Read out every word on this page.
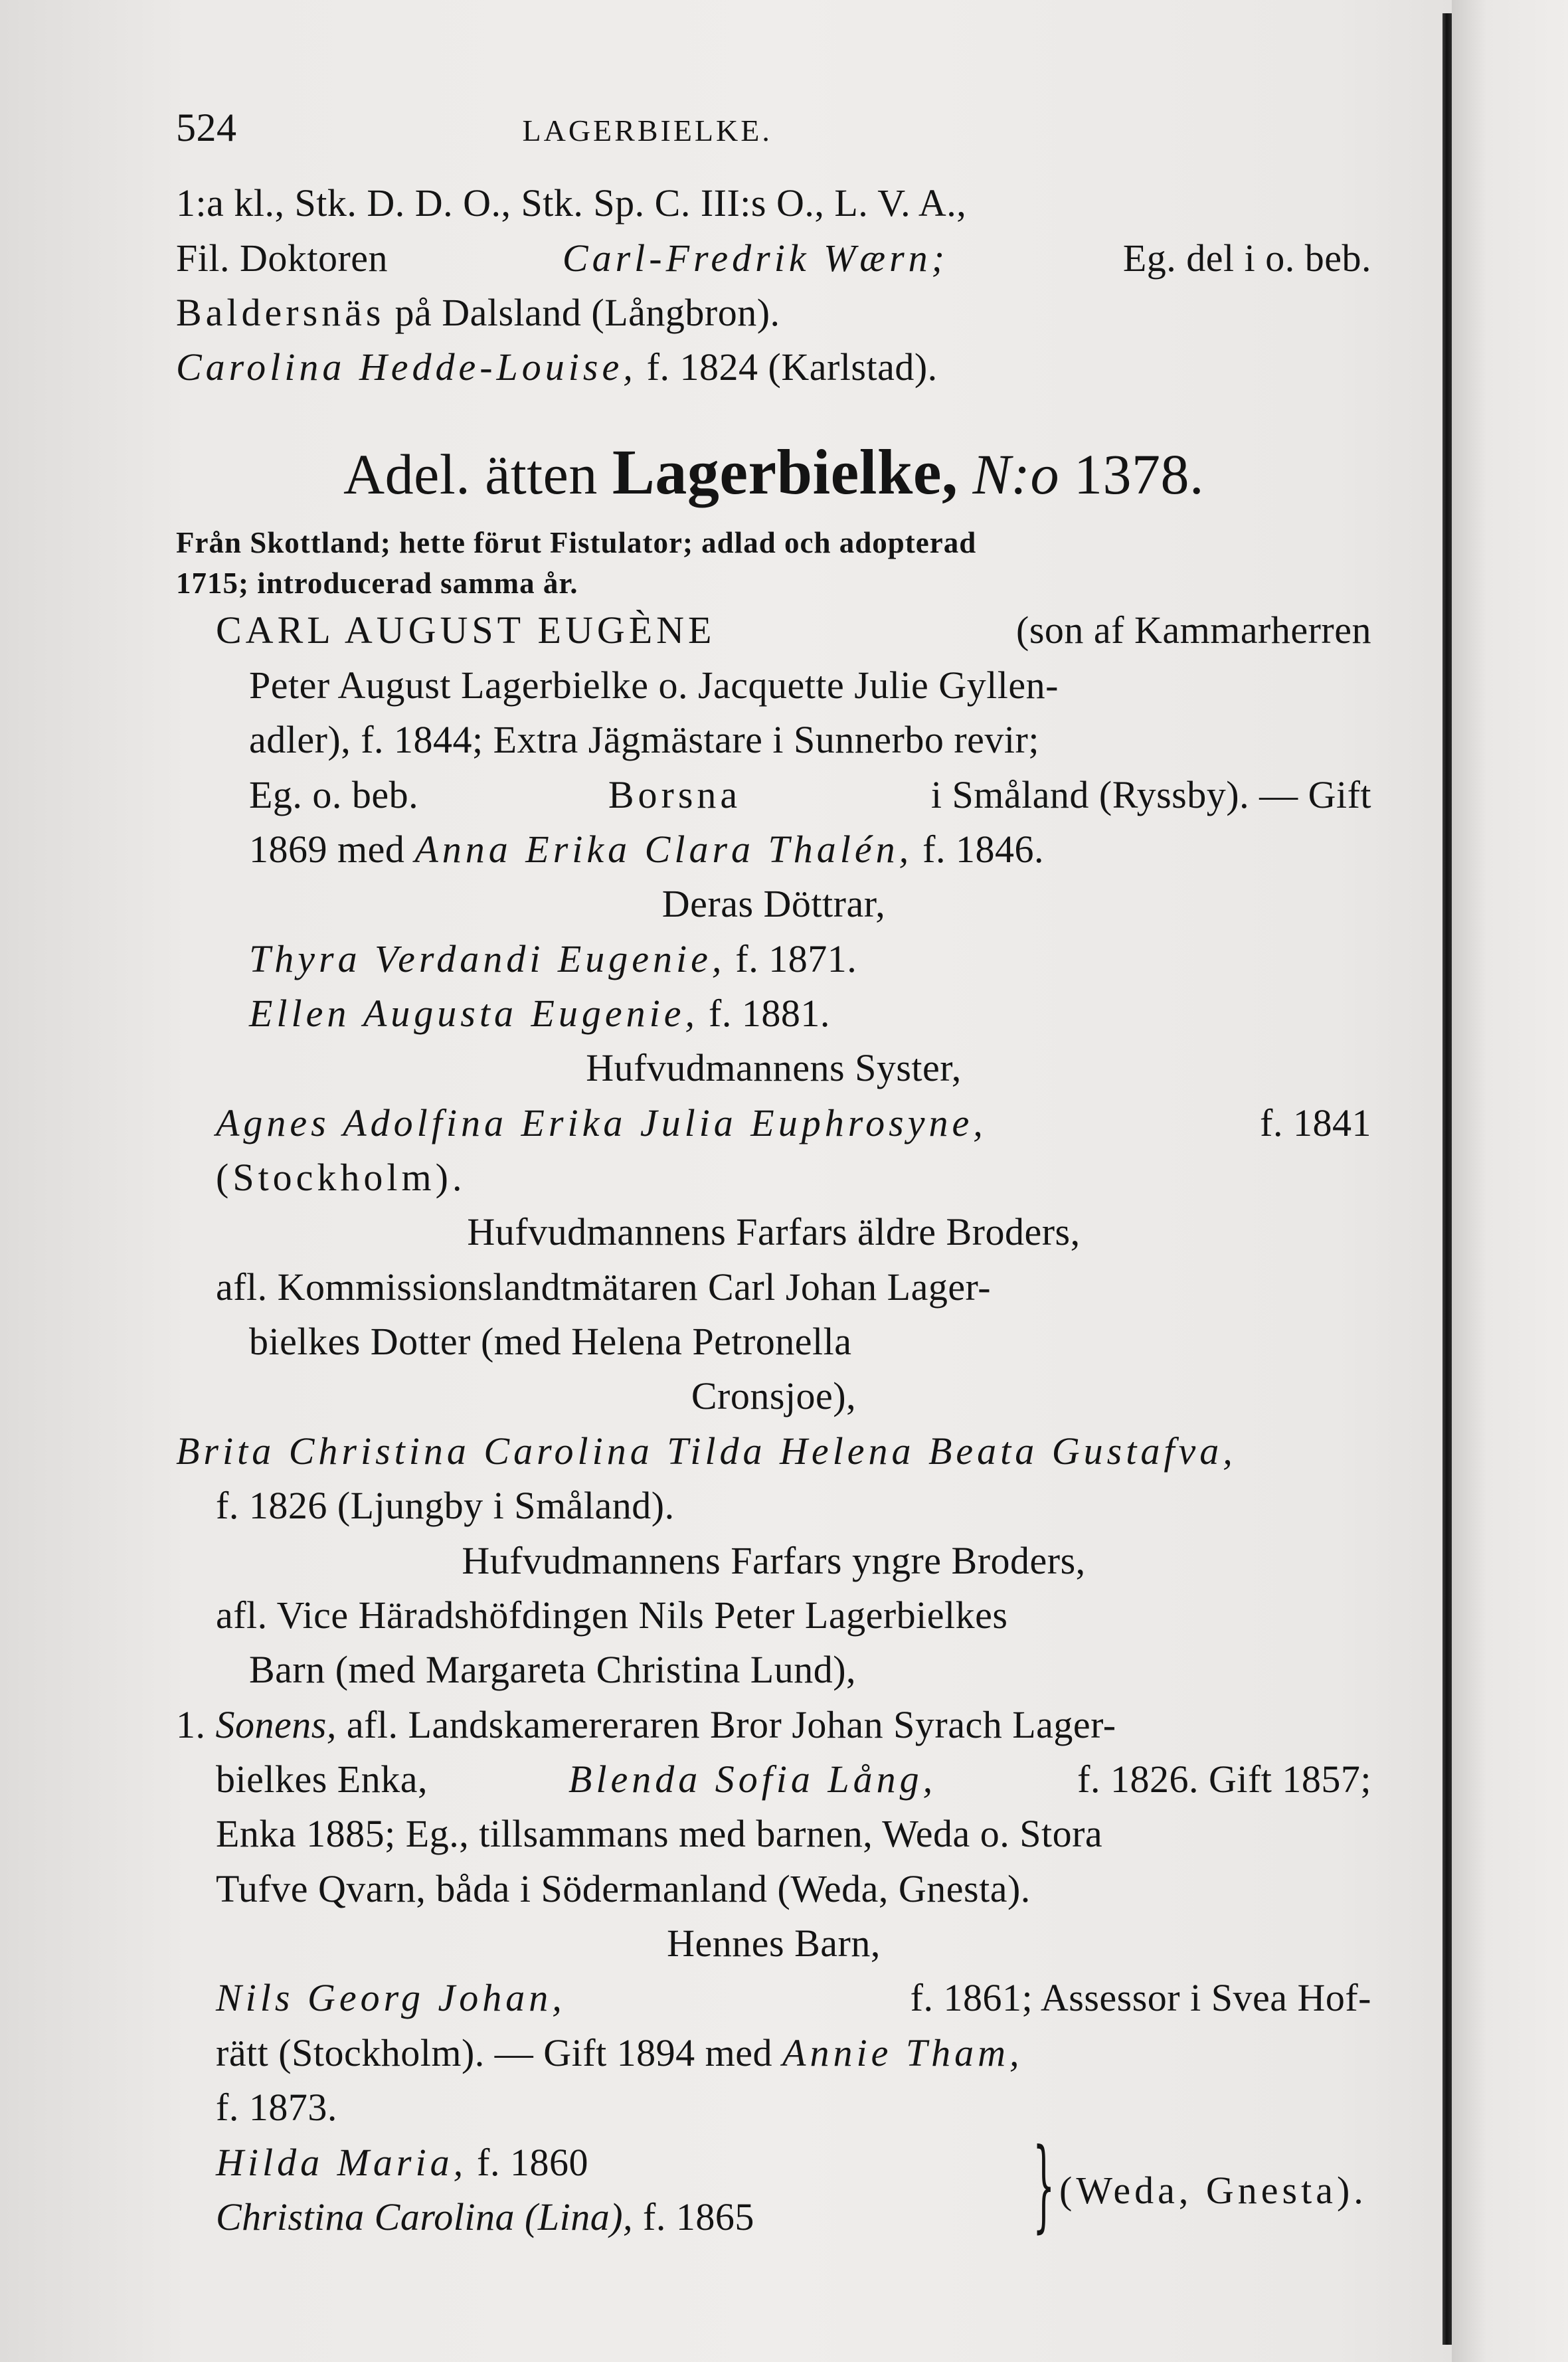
524	LAGERBIELKE.
1:a kl., Stk. D. D. O., Stk. Sp. C. III:s O., L. V. A.,
Fil. Doktoren	Carl-Fredrik Wærn;	Eg. del i o. beb.
Baldersnäs på Dalsland (Långbron).
Carolina Hedde-Louise, f. 1824 (Karlstad).
Adel. ätten Lagerbielke, N:o 1378.
Från Skottland; hette förut Fistulator; adlad och adopterad
1715; introducerad samma år.
CARL AUGUST EUGÈNE	(son af Kammarherren
Peter August Lagerbielke o. Jacquette Julie Gyllen-
adler), f. 1844; Extra Jägmästare i Sunnerbo revir;
Eg. o. beb.	Borsna	i Småland (Ryssby). — Gift
1869 med Anna Erika Clara Thalén, f. 1846.
Deras Döttrar,
Thyra Verdandi Eugenie, f. 1871.
Ellen Augusta Eugenie, f. 1881.
Hufvudmannens Syster,
Agnes Adolfina Erika Julia Euphrosyne,	f. 1841
(Stockholm).
Hufvudmannens Farfars äldre Broders,
afl. Kommissionslandtmätaren Carl Johan Lager-
bielkes Dotter (med Helena Petronella
Cronsjoe),
Brita Christina Carolina Tilda Helena Beata Gustafva,
f. 1826 (Ljungby i Småland).
Hufvudmannens Farfars yngre Broders,
afl. Vice Häradshöfdingen Nils Peter Lagerbielkes
Barn (med Margareta Christina Lund),
1. Sonens, afl. Landskamereraren Bror Johan Syrach Lager-
bielkes Enka,	Blenda Sofia Lång,	f. 1826. Gift 1857;
Enka 1885; Eg., tillsammans med barnen, Weda o. Stora
Tufve Qvarn, båda i Södermanland (Weda, Gnesta).
Hennes Barn,
Nils Georg Johan,	f. 1861; Assessor i Svea Hof-
rätt (Stockholm). — Gift 1894 med Annie Tham,
f. 1873.
Hilda Maria, f. 1860
Christina Carolina (Lina), f. 1865	} (Weda, Gnesta).
